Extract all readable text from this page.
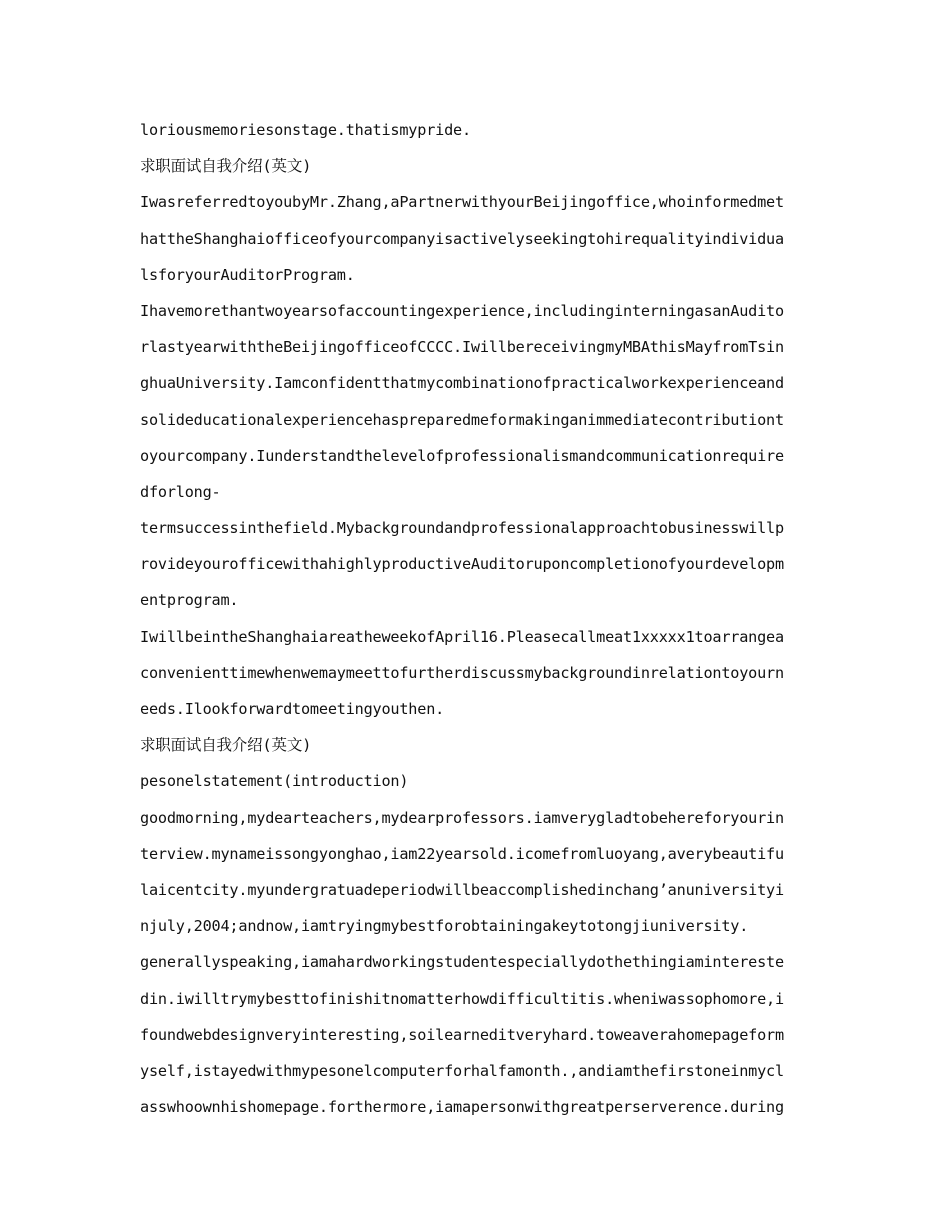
loriousmemoriesonstage.thatismypride.
求职面试自我介绍(英文)
IwasreferredtoyoubyMr.Zhang,aPartnerwithyourBeijingoffice,whoinformedmet
hattheShanghaiofficeofyourcompanyisactivelyseekingtohirequalityindividua
lsforyourAuditorProgram.
Ihavemorethantwoyearsofaccountingexperience,includinginterningasanAudito
rlastyearwiththeBeijingofficeofCCCC.IwillbereceivingmyMBAthisMayfromTsin
ghuaUniversity.Iamconfidentthatmycombinationofpracticalworkexperienceand
solideducationalexperiencehaspreparedmeformakinganimmediatecontributiont
oyourcompany.Iunderstandthelevelofprofessionalismandcommunicationrequire
dforlong-
termsuccessinthefield.Mybackgroundandprofessionalapproachtobusinesswillp
rovideyourofficewithahighlyproductiveAuditoruponcompletionofyourdevelopm
entprogram.
IwillbeintheShanghaiareatheweekofApril16.Pleasecallmeat1xxxxx1toarrangea
convenienttimewhenwemaymeettofurtherdiscussmybackgroundinrelationtoyourn
eeds.Ilookforwardtomeetingyouthen.
求职面试自我介绍(英文)
pesonelstatement(introduction)
goodmorning,mydearteachers,mydearprofessors.iamverygladtobehereforyourin
terview.mynameissongyonghao,iam22yearsold.icomefromluoyang,averybeautifu
laicentcity.myundergratuadeperiodwillbeaccomplishedinchang’anuniversityi
njuly,2004;andnow,iamtryingmybestforobtainingakeytotongjiuniversity.
generallyspeaking,iamahardworkingstudentespeciallydothethingiamintereste
din.iwilltrymybesttofinishitnomatterhowdifficultitis.wheniwassophomore,i
foundwebdesignveryinteresting,soilearneditveryhard.toweaverahomepageform
yself,istayedwithmypesonelcomputerforhalfamonth.,andiamthefirstoneinmycl
asswhoownhishomepage.forthermore,iamapersonwithgreatperserverence.during
